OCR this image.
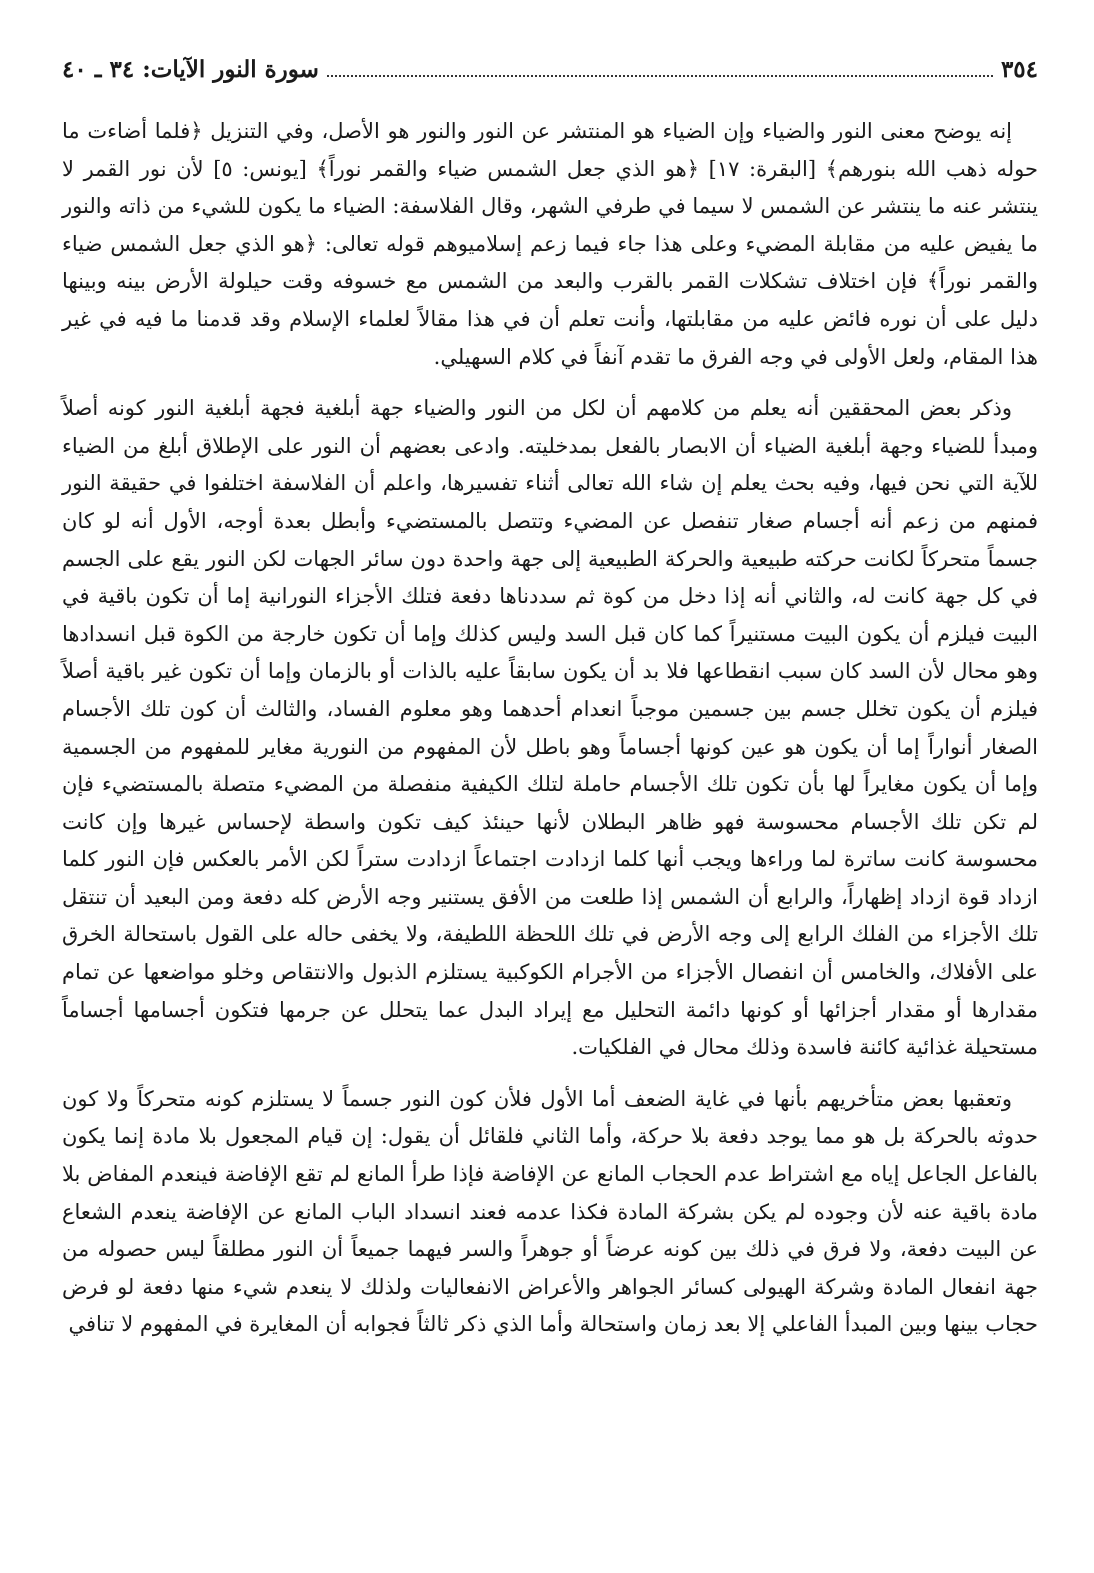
٣٥٤
سورة النور الآيات: ٣٤ ـ ٤٠

إنه يوضح معنى النور والضياء وإن الضياء هو المنتشر عن النور والنور هو الأصل، وفي التنزيل ﴿فلما أضاءت ما حوله ذهب الله بنورهم﴾ [البقرة: ١٧] ﴿هو الذي جعل الشمس ضياء والقمر نوراً﴾ [يونس: ٥] لأن نور القمر لا ينتشر عنه ما ينتشر عن الشمس لا سيما في طرفي الشهر، وقال الفلاسفة: الضياء ما يكون للشيء من ذاته والنور ما يفيض عليه من مقابلة المضيء وعلى هذا جاء فيما زعم إسلاميوهم قوله تعالى: ﴿هو الذي جعل الشمس ضياء والقمر نوراً﴾ فإن اختلاف تشكلات القمر بالقرب والبعد من الشمس مع خسوفه وقت حيلولة الأرض بينه وبينها دليل على أن نوره فائض عليه من مقابلتها، وأنت تعلم أن في هذا مقالاً لعلماء الإسلام وقد قدمنا ما فيه في غير هذا المقام، ولعل الأولى في وجه الفرق ما تقدم آنفاً في كلام السهيلي.

وذكر بعض المحققين أنه يعلم من كلامهم أن لكل من النور والضياء جهة أبلغية فجهة أبلغية النور كونه أصلاً ومبدأ للضياء وجهة أبلغية الضياء أن الابصار بالفعل بمدخليته. وادعى بعضهم أن النور على الإطلاق أبلغ من الضياء للآية التي نحن فيها، وفيه بحث يعلم إن شاء الله تعالى أثناء تفسيرها، واعلم أن الفلاسفة اختلفوا في حقيقة النور فمنهم من زعم أنه أجسام صغار تنفصل عن المضيء وتتصل بالمستضيء وأبطل بعدة أوجه، الأول أنه لو كان جسماً متحركاً لكانت حركته طبيعية والحركة الطبيعية إلى جهة واحدة دون سائر الجهات لكن النور يقع على الجسم في كل جهة كانت له، والثاني أنه إذا دخل من كوة ثم سددناها دفعة فتلك الأجزاء النورانية إما أن تكون باقية في البيت فيلزم أن يكون البيت مستنيراً كما كان قبل السد وليس كذلك وإما أن تكون خارجة من الكوة قبل انسدادها وهو محال لأن السد كان سبب انقطاعها فلا بد أن يكون سابقاً عليه بالذات أو بالزمان وإما أن تكون غير باقية أصلاً فيلزم أن يكون تخلل جسم بين جسمين موجباً انعدام أحدهما وهو معلوم الفساد، والثالث أن كون تلك الأجسام الصغار أنواراً إما أن يكون هو عين كونها أجساماً وهو باطل لأن المفهوم من النورية مغاير للمفهوم من الجسمية وإما أن يكون مغايراً لها بأن تكون تلك الأجسام حاملة لتلك الكيفية منفصلة من المضيء متصلة بالمستضيء فإن لم تكن تلك الأجسام محسوسة فهو ظاهر البطلان لأنها حينئذ كيف تكون واسطة لإحساس غيرها وإن كانت محسوسة كانت ساترة لما وراءها ويجب أنها كلما ازدادت اجتماعاً ازدادت ستراً لكن الأمر بالعكس فإن النور كلما ازداد قوة ازداد إظهاراً، والرابع أن الشمس إذا طلعت من الأفق يستنير وجه الأرض كله دفعة ومن البعيد أن تنتقل تلك الأجزاء من الفلك الرابع إلى وجه الأرض في تلك اللحظة اللطيفة، ولا يخفى حاله على القول باستحالة الخرق على الأفلاك، والخامس أن انفصال الأجزاء من الأجرام الكوكبية يستلزم الذبول والانتقاص وخلو مواضعها عن تمام مقدارها أو مقدار أجزائها أو كونها دائمة التحليل مع إيراد البدل عما يتحلل عن جرمها فتكون أجسامها أجساماً مستحيلة غذائية كائنة فاسدة وذلك محال في الفلكيات.

وتعقبها بعض متأخريهم بأنها في غاية الضعف أما الأول فلأن كون النور جسماً لا يستلزم كونه متحركاً ولا كون حدوثه بالحركة بل هو مما يوجد دفعة بلا حركة، وأما الثاني فلقائل أن يقول: إن قيام المجعول بلا مادة إنما يكون بالفاعل الجاعل إياه مع اشتراط عدم الحجاب المانع عن الإفاضة فإذا طرأ المانع لم تقع الإفاضة فينعدم المفاض بلا مادة باقية عنه لأن وجوده لم يكن بشركة المادة فكذا عدمه فعند انسداد الباب المانع عن الإفاضة ينعدم الشعاع عن البيت دفعة، ولا فرق في ذلك بين كونه عرضاً أو جوهراً والسر فيهما جميعاً أن النور مطلقاً ليس حصوله من جهة انفعال المادة وشركة الهيولى كسائر الجواهر والأعراض الانفعاليات ولذلك لا ينعدم شيء منها دفعة لو فرض حجاب بينها وبين المبدأ الفاعلي إلا بعد زمان واستحالة وأما الذي ذكر ثالثاً فجوابه أن المغايرة في المفهوم لا تنافي
